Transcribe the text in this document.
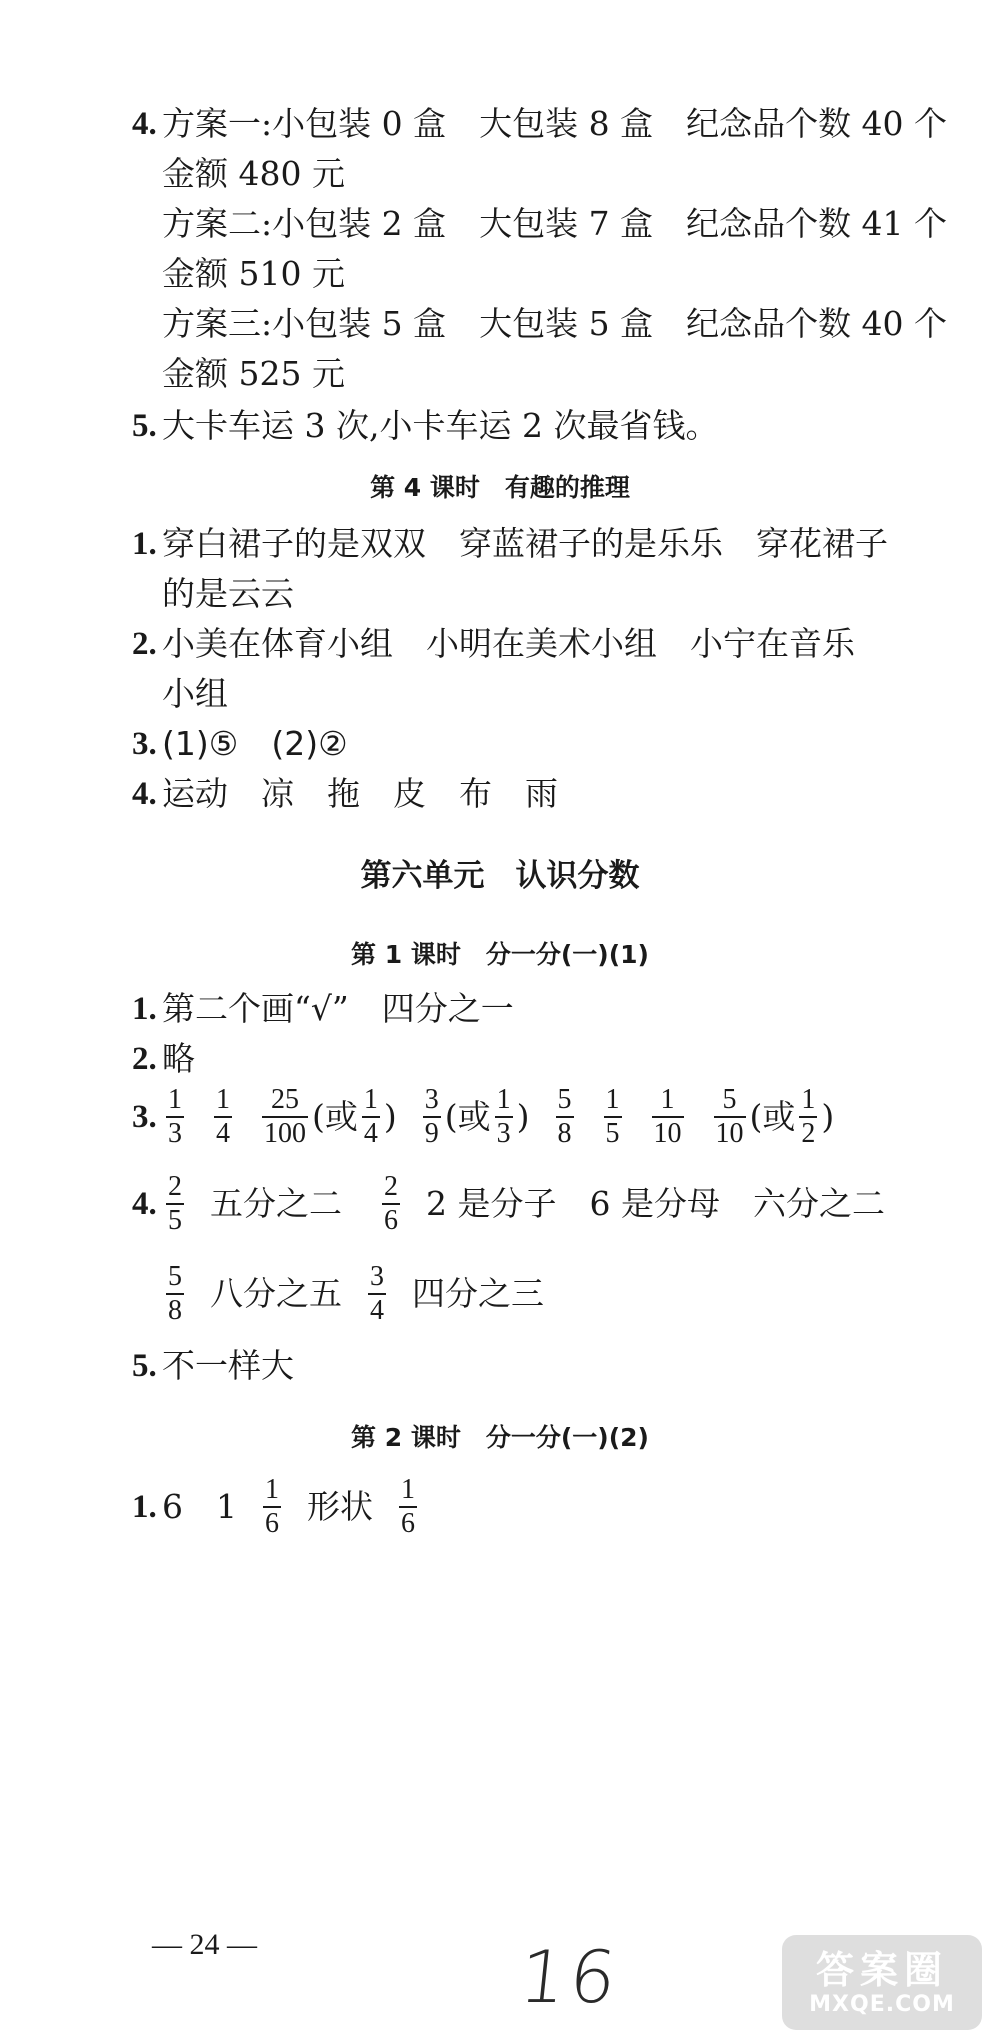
4. 方案一:小包装 0 盒　大包装 8 盒　纪念品个数 40 个
金额 480 元
方案二:小包装 2 盒　大包装 7 盒　纪念品个数 41 个
金额 510 元
方案三:小包装 5 盒　大包装 5 盒　纪念品个数 40 个
金额 525 元
5. 大卡车运 3 次,小卡车运 2 次最省钱。
第 4 课时　有趣的推理
1. 穿白裙子的是双双　穿蓝裙子的是乐乐　穿花裙子
的是云云
2. 小美在体育小组　小明在美术小组　小宁在音乐
小组
3. (1)⑤　(2)②
4. 运动　凉　拖　皮　布　雨
第六单元　认识分数
第 1 课时　分一分(一)(1)
1. 第二个画“√”　四分之一
2. 略
3. $\frac{1}{3} \frac{1}{4} \frac{25}{100}$ (或 $\frac{1}{4}$ ) $\frac{3}{9}$ (或 $\frac{1}{3}$ ) $\frac{5}{8} \frac{1}{5} \frac{1}{10} \frac{5}{10}$ (或 $\frac{1}{2}$ )
4. $\frac{2}{5}$ 五分之二 $\frac{2}{6} 2$ 是分子　6 是分母　六分之二
$\frac{5}{8}$ 八分之五 $\frac{3}{4}$ 四分之三
5. 不一样大
第 2 课时　分一分(一)(2)
1. 6　$1 \frac{1}{6}$ 形状 $\frac{1}{6}$
— 24 —	16	答案圈
MXQE.COM
